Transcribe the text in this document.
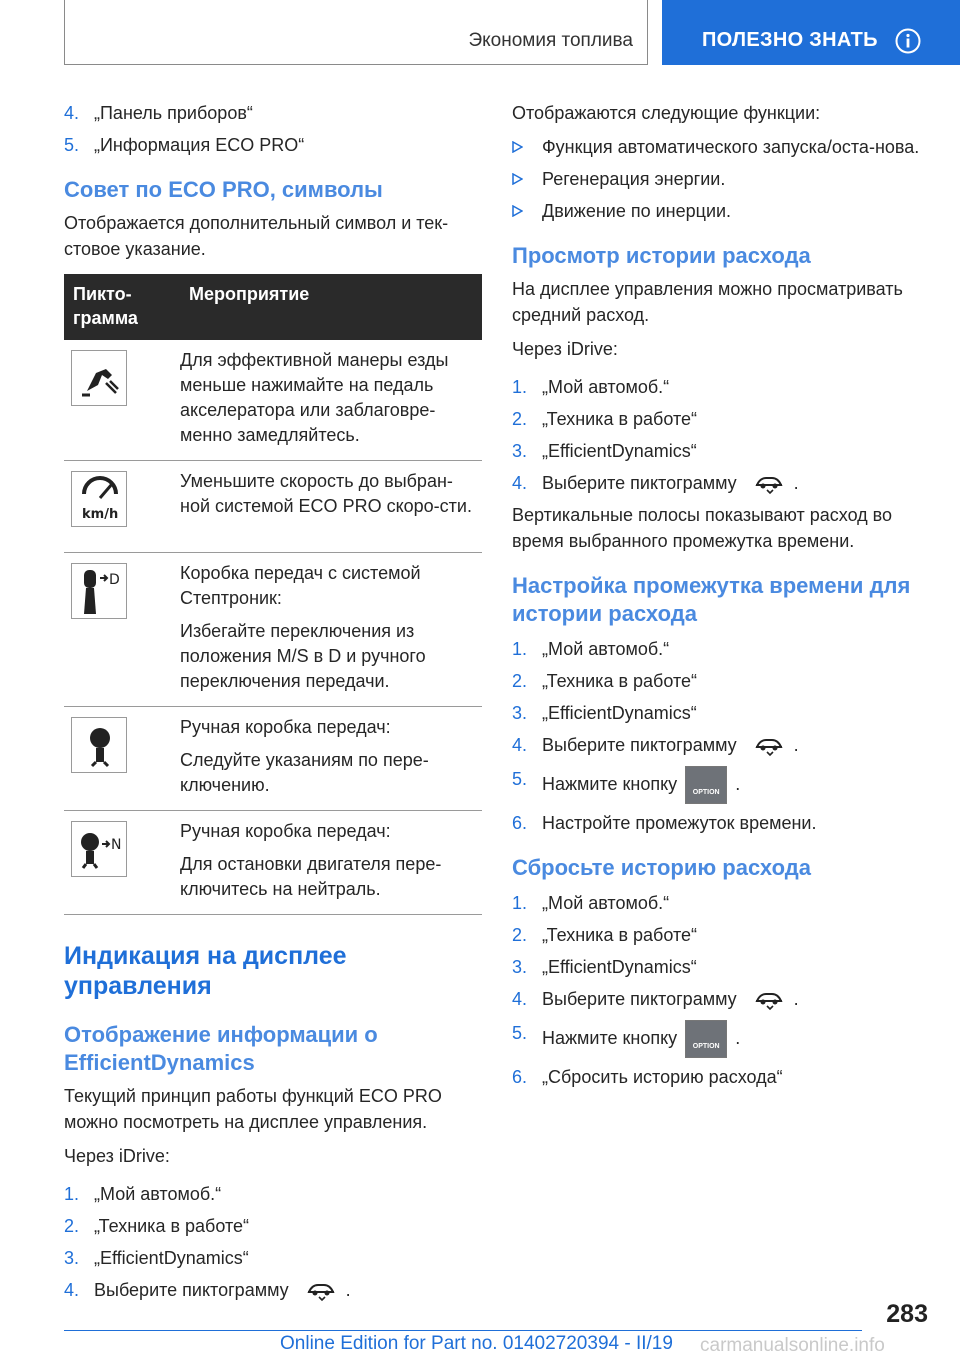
Экономия топлива	ПОЛЕЗНО ЗНАТЬ
4. „Панель приборов“
5. „Информация ECO PRO“
Совет по ECO PRO, символы
Отображается дополнительный символ и тек-стовое указание.
Пикто-грамма	Мероприятие

Для эффективной манеры езды меньше нажимайте на педаль акселератора или заблаговре-менно замедляйтесь.

km/h	Уменьшите скорость до выбран-ной системой ECO PRO скоро-сти.

D	Коробка передач с системой Стептроник:
Избегайте переключения из положения M/S в D и ручного переключения передачи.

Ручная коробка передач:
Следуйте указаниям по пере-ключению.

N	Ручная коробка передач:
Для остановки двигателя пере-ключитесь на нейтраль.
Индикация на дисплее управления
Отображение информации о EfficientDynamics
Текущий принцип работы функций ECO PRO можно посмотреть на дисплее управления.
Через iDrive:
1. „Мой автомоб.“
2. „Техника в работе“
3. „EfficientDynamics“
4. Выберите пиктограмму	.
Отображаются следующие функции:
Функция автоматического запуска/оста-нова.
Регенерация энергии.
Движение по инерции.
Просмотр истории расхода
На дисплее управления можно просматривать средний расход.
Через iDrive:
1. „Мой автомоб.“
2. „Техника в работе“
3. „EfficientDynamics“
4. Выберите пиктограмму	.
Вертикальные полосы показывают расход во время выбранного промежутка времени.
Настройка промежутка времени для истории расхода
1. „Мой автомоб.“
2. „Техника в работе“
3. „EfficientDynamics“
4. Выберите пиктограмму	.
5. Нажмите кнопку	OPTION .
6. Настройте промежуток времени.
Сбросьте историю расхода
1. „Мой автомоб.“
2. „Техника в работе“
3. „EfficientDynamics“
4. Выберите пиктограмму	.
5. Нажмите кнопку	OPTION .
6. „Сбросить историю расхода“
283
Online Edition for Part no. 01402720394 - II/19 carmanualsonline.info
